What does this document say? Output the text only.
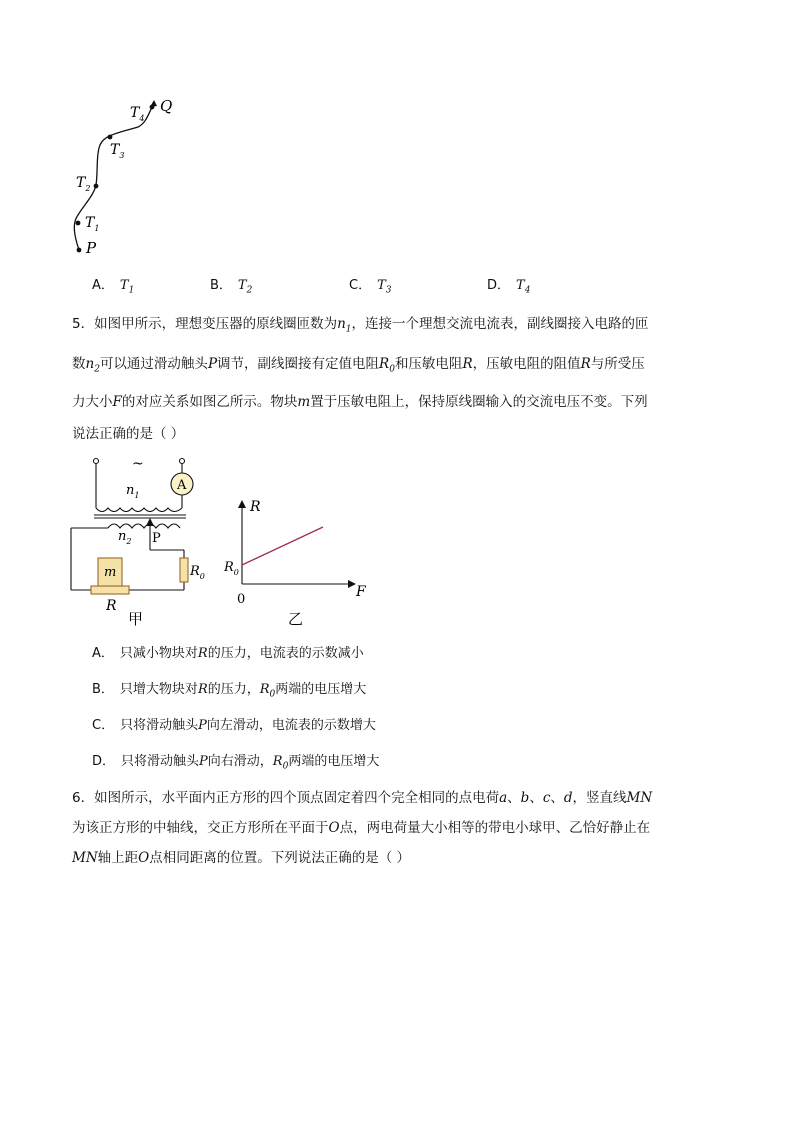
$T_4$
Q
$T_3$
$T_2$
$T_1$
P
A． $T_1$	B． $T_2$	C． $T_3$	D． $T_4$
5．如图甲所示，理想变压器的原线圈匝数为$n_1$，连接一个理想交流电流表，副线圈接入电路的匝
数$n_2$可以通过滑动触头P调节，副线圈接有定值电阻$R_0$和压敏电阻R，压敏电阻的阻值R与所受压
力大小F的对应关系如图乙所示。物块m置于压敏电阻上，保持原线圈输入的交流电压不变。下列
说法正确的是（ ）
~
A
$n_1$
$n_2$ P
m	$R_0$
R
甲
R
F
0
$R_0$
乙
A． 只减小物块对R的压力，电流表的示数减小
B． 只增大物块对R的压力，$R_0$两端的电压增大
C． 只将滑动触头P向左滑动，电流表的示数增大
D． 只将滑动触头P向右滑动，$R_0$两端的电压增大
6．如图所示，水平面内正方形的四个顶点固定着四个完全相同的点电荷a、b、c、d，竖直线MN
为该正方形的中轴线，交正方形所在平面于O点，两电荷量大小相等的带电小球甲、乙恰好静止在
MN轴上距O点相同距离的位置。下列说法正确的是（ ）
